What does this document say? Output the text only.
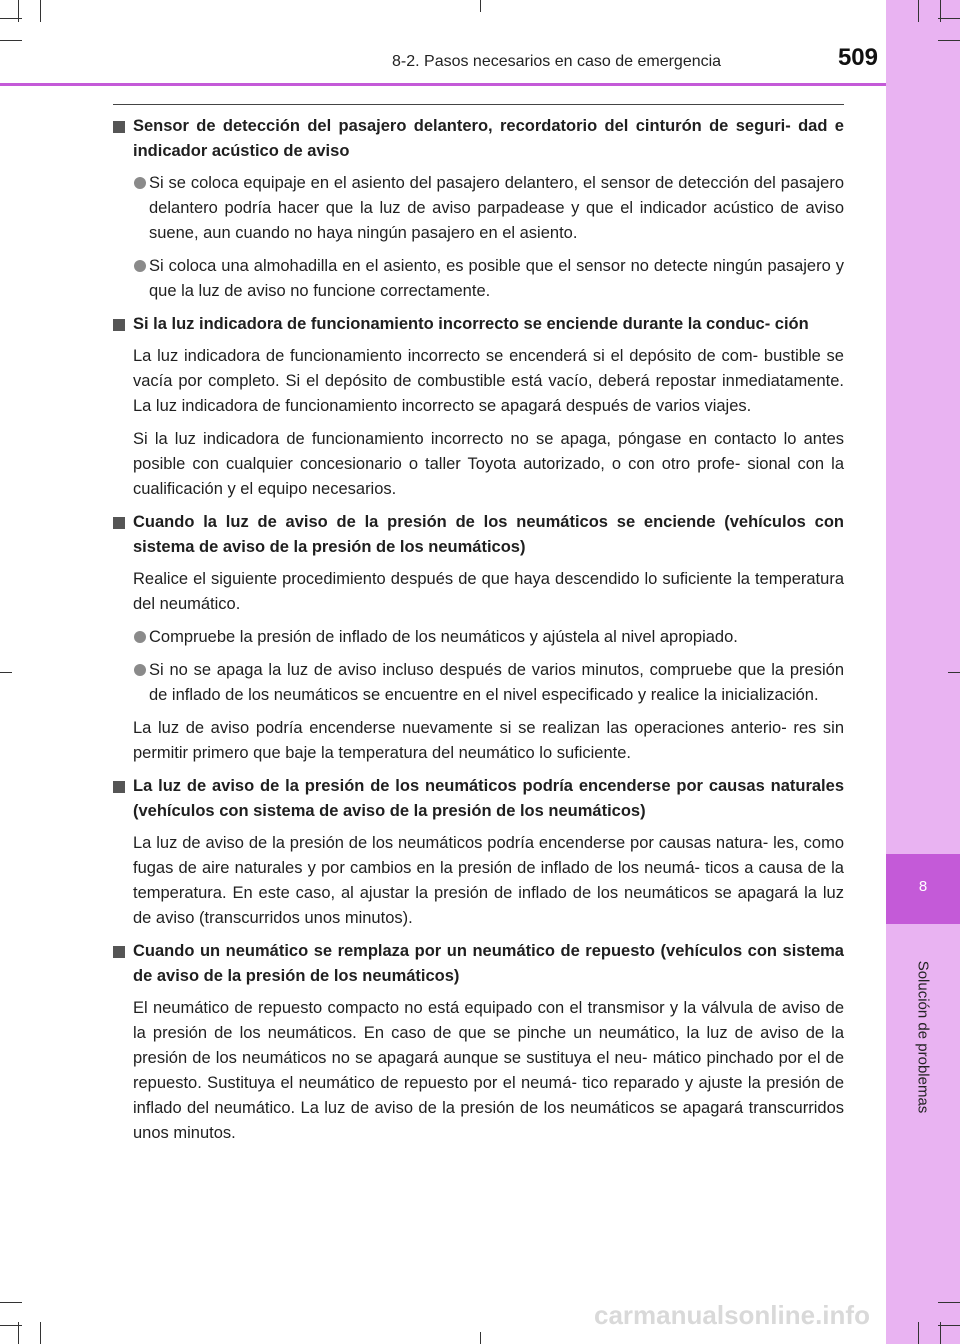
8
Solución de problemas
8-2. Pasos necesarios en caso de emergencia	509
Sensor de detección del pasajero delantero, recordatorio del cinturón de seguri- dad e indicador acústico de aviso
Si se coloca equipaje en el asiento del pasajero delantero, el sensor de detección del pasajero delantero podría hacer que la luz de aviso parpadease y que el indicador acústico de aviso suene, aun cuando no haya ningún pasajero en el asiento.
Si coloca una almohadilla en el asiento, es posible que el sensor no detecte ningún pasajero y que la luz de aviso no funcione correctamente.
Si la luz indicadora de funcionamiento incorrecto se enciende durante la conduc- ción
La luz indicadora de funcionamiento incorrecto se encenderá si el depósito de com- bustible se vacía por completo. Si el depósito de combustible está vacío, deberá repostar inmediatamente. La luz indicadora de funcionamiento incorrecto se apagará después de varios viajes.
Si la luz indicadora de funcionamiento incorrecto no se apaga, póngase en contacto lo antes posible con cualquier concesionario o taller Toyota autorizado, o con otro profe- sional con la cualificación y el equipo necesarios.
Cuando la luz de aviso de la presión de los neumáticos se enciende (vehículos con sistema de aviso de la presión de los neumáticos)
Realice el siguiente procedimiento después de que haya descendido lo suficiente la temperatura del neumático.
Compruebe la presión de inflado de los neumáticos y ajústela al nivel apropiado.
Si no se apaga la luz de aviso incluso después de varios minutos, compruebe que la presión de inflado de los neumáticos se encuentre en el nivel especificado y realice la inicialización.
La luz de aviso podría encenderse nuevamente si se realizan las operaciones anterio- res sin permitir primero que baje la temperatura del neumático lo suficiente.
La luz de aviso de la presión de los neumáticos podría encenderse por causas naturales (vehículos con sistema de aviso de la presión de los neumáticos)
La luz de aviso de la presión de los neumáticos podría encenderse por causas natura- les, como fugas de aire naturales y por cambios en la presión de inflado de los neumá- ticos a causa de la temperatura. En este caso, al ajustar la presión de inflado de los neumáticos se apagará la luz de aviso (transcurridos unos minutos).
Cuando un neumático se remplaza por un neumático de repuesto (vehículos con sistema de aviso de la presión de los neumáticos)
El neumático de repuesto compacto no está equipado con el transmisor y la válvula de aviso de la presión de los neumáticos. En caso de que se pinche un neumático, la luz de aviso de la presión de los neumáticos no se apagará aunque se sustituya el neu- mático pinchado por el de repuesto. Sustituya el neumático de repuesto por el neumá- tico reparado y ajuste la presión de inflado del neumático. La luz de aviso de la presión de los neumáticos se apagará transcurridos unos minutos.
carmanualsonline.info
